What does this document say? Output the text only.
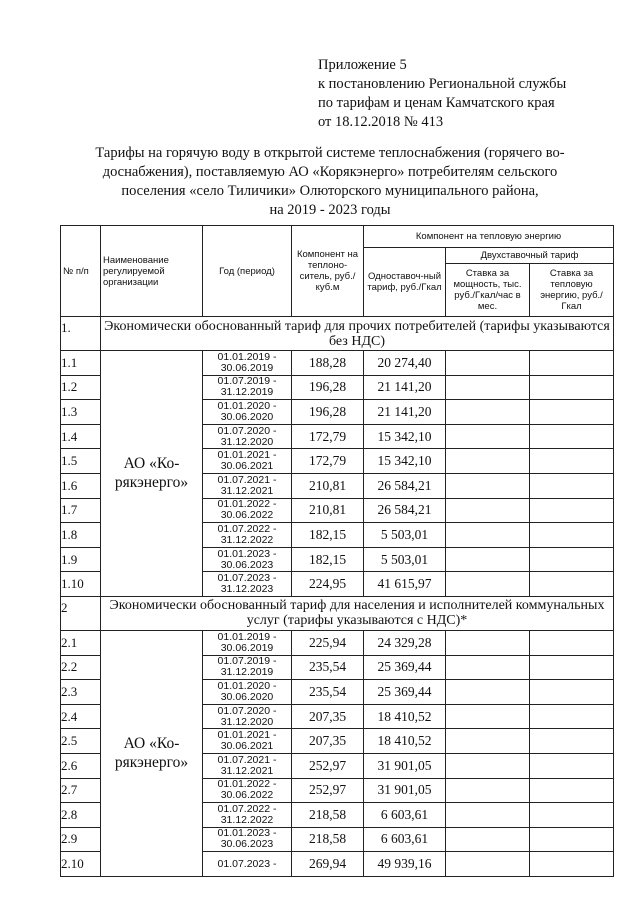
Приложение 5
к постановлению Региональной службы
по тарифам и ценам Камчатского края
от 18.12.2018 № 413
Тарифы на горячую воду в открытой системе теплоснабжения (горячего во-
доснабжения), поставляемую АО «Корякэнерго» потребителям сельского
поселения «село Тиличики» Олюторского муниципального района,
на 2019 - 2023 годы
№ п/п	Наименование регулируемой организации	Год (период)	Компонент на теплоно-ситель, руб./куб.м	Компонент на тепловую энергию		
				Одноставоч-ный тариф, руб./Гкал	Двухставочный тариф	
					Ставка за мощность, тыс. руб./Гкал/час в мес.	Ставка за тепловую энергию, руб./Гкал
1.	Экономически обоснованный тариф для прочих потребителей (тарифы указываются без НДС)					
1.1	АО «Ко-рякэнерго»	01.01.2019 -
30.06.2019	188,28	20 274,40		
1.2		01.07.2019 -
31.12.2019	196,28	21 141,20		
1.3		01.01.2020 -
30.06.2020	196,28	21 141,20		
1.4		01.07.2020 -
31.12.2020	172,79	15 342,10		
1.5		01.01.2021 -
30.06.2021	172,79	15 342,10		
1.6		01.07.2021 -
31.12.2021	210,81	26 584,21		
1.7		01.01.2022 -
30.06.2022	210,81	26 584,21		
1.8		01.07.2022 -
31.12.2022	182,15	5 503,01		
1.9		01.01.2023 -
30.06.2023	182,15	5 503,01		
1.10		01.07.2023 -
31.12.2023	224,95	41 615,97		
2	Экономически обоснованный тариф для населения и исполнителей коммунальных услуг (тарифы указываются с НДС)*					
2.1	АО «Ко-рякэнерго»	01.01.2019 -
30.06.2019	225,94	24 329,28		
2.2		01.07.2019 -
31.12.2019	235,54	25 369,44		
2.3		01.01.2020 -
30.06.2020	235,54	25 369,44		
2.4		01.07.2020 -
31.12.2020	207,35	18 410,52		
2.5		01.01.2021 -
30.06.2021	207,35	18 410,52		
2.6		01.07.2021 -
31.12.2021	252,97	31 901,05		
2.7		01.01.2022 -
30.06.2022	252,97	31 901,05		
2.8		01.07.2022 -
31.12.2022	218,58	6 603,61		
2.9		01.01.2023 -
30.06.2023	218,58	6 603,61		
2.10		01.07.2023 -	269,94	49 939,16		
